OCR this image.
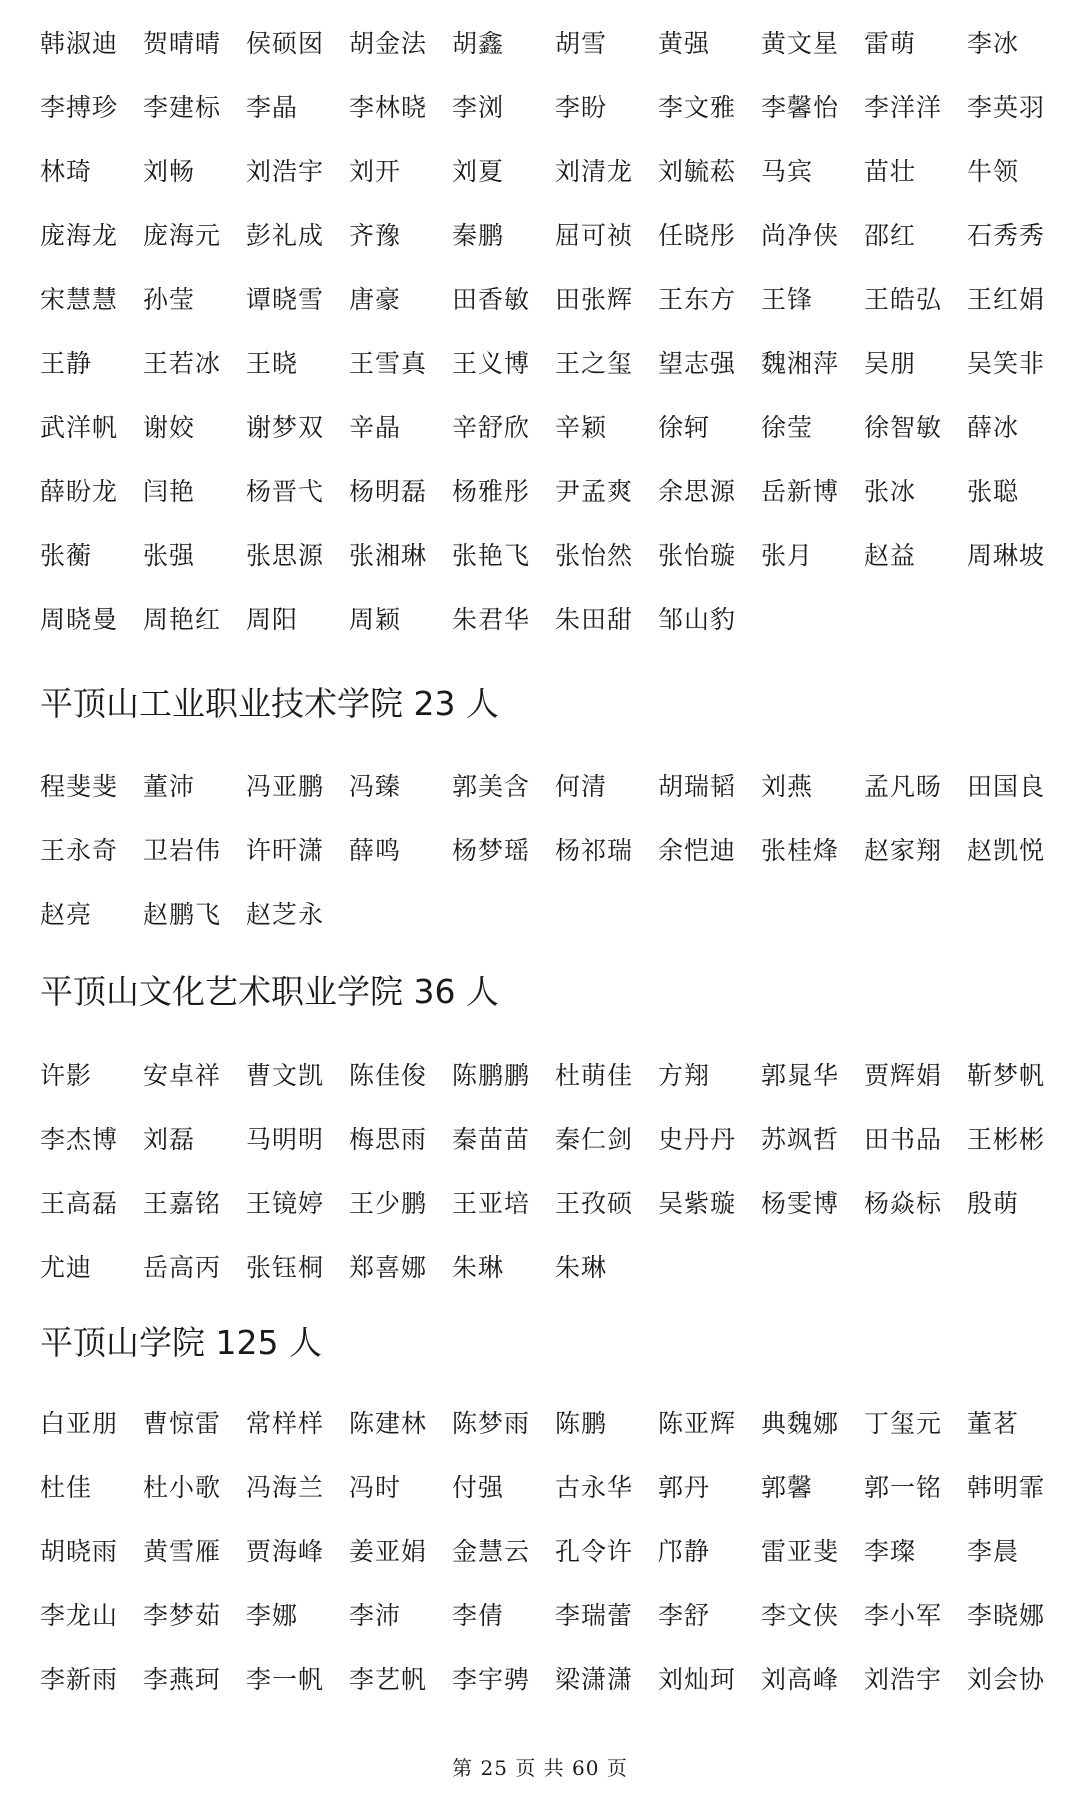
韩淑迪 贺晴晴 侯硕囡 胡金法 胡鑫	胡雪	黄强	黄文星 雷萌	李冰
李搏珍 李建标 李晶	李林晓 李浏	李盼	李文雅 李馨怡 李洋洋 李英羽
林琦	刘畅	刘浩宇 刘开	刘夏	刘清龙 刘毓菘 马宾	苗壮	牛领
庞海龙 庞海元 彭礼成 齐豫	秦鹏	屈可祯 任晓彤 尚净侠 邵红	石秀秀
宋慧慧 孙莹	谭晓雪 唐豪	田香敏 田张辉 王东方 王锋	王皓弘 王红娟
王静	王若冰 王晓	王雪真 王义博 王之玺 望志强 魏湘萍 吴朋	吴笑非
武洋帆 谢姣	谢梦双 辛晶	辛舒欣 辛颖	徐轲	徐莹	徐智敏 薛冰
薛盼龙 闫艳	杨晋弋 杨明磊 杨雅彤 尹孟爽 余思源 岳新博 张冰	张聪
张蘅	张强	张思源 张湘琳 张艳飞 张怡然 张怡璇 张月	赵益	周琳坡
周晓曼 周艳红 周阳	周颖	朱君华 朱田甜 邹山豹
平顶山工业职业技术学院 23 人
程斐斐 董沛	冯亚鹏 冯臻	郭美含 何清	胡瑞韬 刘燕	孟凡旸 田国良
王永奇 卫岩伟 许旰潇 薛鸣	杨梦瑶 杨祁瑞 余恺迪 张桂烽 赵家翔 赵凯悦
赵亮	赵鹏飞 赵芝永
平顶山文化艺术职业学院 36 人
许影	安卓祥 曹文凯 陈佳俊 陈鹏鹏 杜萌佳 方翔	郭晁华 贾辉娟 靳梦帆
李杰博 刘磊	马明明 梅思雨 秦苗苗 秦仁剑 史丹丹 苏飒哲 田书品 王彬彬
王高磊 王嘉铭 王镜婷 王少鹏 王亚培 王孜硕 吴紫璇 杨雯博 杨焱标 殷萌
尤迪	岳高丙 张钰桐 郑喜娜 朱琳	朱琳
平顶山学院 125 人
白亚朋 曹惊雷 常样样 陈建林 陈梦雨 陈鹏	陈亚辉 典魏娜 丁玺元 董茗
杜佳	杜小歌 冯海兰 冯时	付强	古永华 郭丹	郭馨	郭一铭 韩明霏
胡晓雨 黄雪雁 贾海峰 姜亚娟 金慧云 孔令许 邝静	雷亚斐 李璨	李晨
李龙山 李梦茹 李娜	李沛	李倩	李瑞蕾 李舒	李文侠 李小军 李晓娜
李新雨 李燕珂 李一帆 李艺帆 李宇骋 梁潇潇 刘灿珂 刘高峰 刘浩宇 刘会协
第 25 页 共 60 页
